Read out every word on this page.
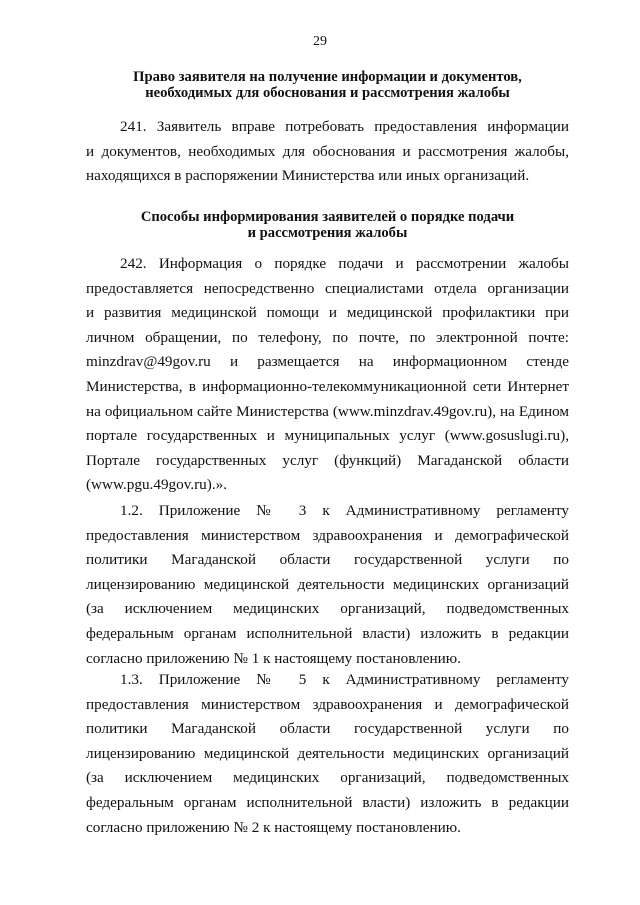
29
Право заявителя на получение информации и документов,
необходимых для обоснования и рассмотрения жалобы
241. Заявитель вправе потребовать предоставления информации
и документов, необходимых для обоснования и рассмотрения жалобы,
находящихся в распоряжении Министерства или иных организаций.
Способы информирования заявителей о порядке подачи
и рассмотрения жалобы
242. Информация о порядке подачи и рассмотрении жалобы
предоставляется непосредственно специалистами отдела организации
и развития медицинской помощи и медицинской профилактики при
личном обращении, по телефону, по почте, по электронной почте:
minzdrav@49gov.ru и размещается на информационном стенде
Министерства, в информационно-телекоммуникационной сети Интернет
на официальном сайте Министерства (www.minzdrav.49gov.ru), на Едином
портале государственных и муниципальных услуг (www.gosuslugi.ru),
Портале государственных услуг (функций) Магаданской области
(www.pgu.49gov.ru).».
1.2. Приложение № 3 к Административному регламенту
предоставления министерством здравоохранения и демографической
политики Магаданской области государственной услуги по
лицензированию медицинской деятельности медицинских организаций
(за исключением медицинских организаций, подведомственных
федеральным органам исполнительной власти) изложить в редакции
согласно приложению № 1 к настоящему постановлению.
1.3. Приложение № 5 к Административному регламенту
предоставления министерством здравоохранения и демографической
политики Магаданской области государственной услуги по
лицензированию медицинской деятельности медицинских организаций
(за исключением медицинских организаций, подведомственных
федеральным органам исполнительной власти) изложить в редакции
согласно приложению № 2 к настоящему постановлению.
